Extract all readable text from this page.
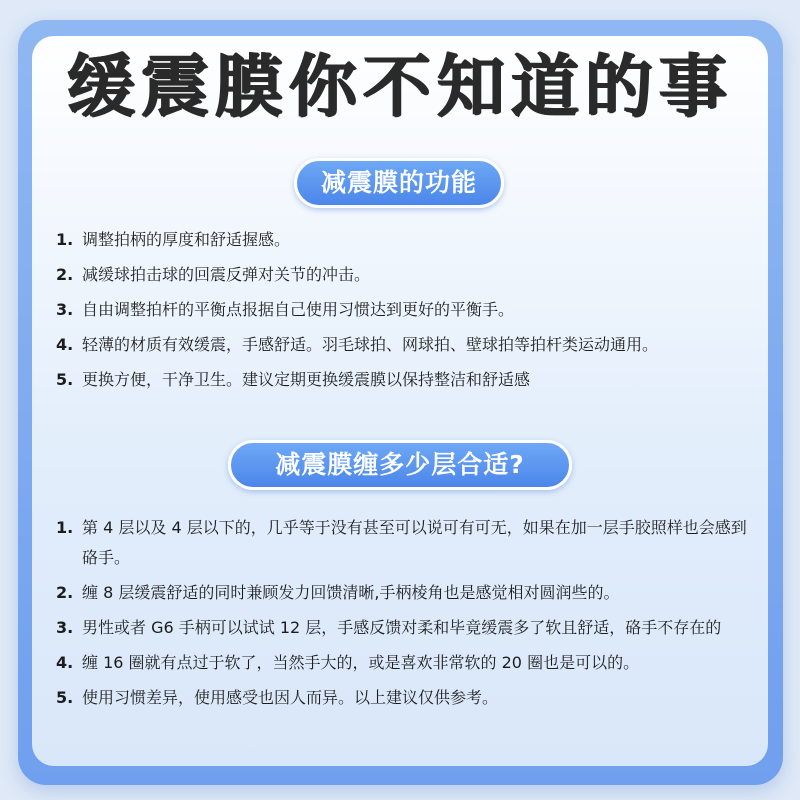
缓震膜你不知道的事
减震膜的功能
1. 调整拍柄的厚度和舒适握感。
2. 减缓球拍击球的回震反弹对关节的冲击。
3. 自由调整拍杆的平衡点报据自己使用习惯达到更好的平衡手。
4. 轻薄的材质有效缓震，手感舒适。羽毛球拍、网球拍、壁球拍等拍杆类运动通用。
5. 更换方便，干净卫生。建议定期更换缓震膜以保持整洁和舒适感
减震膜缠多少层合适?
1. 第 4 层以及 4 层以下的，几乎等于没有甚至可以说可有可无，如果在加一层手胶照样也会感到硌手。
2. 缠 8 层缓震舒适的同时兼顾发力回馈清晰,手柄棱角也是感觉相对圆润些的。
3. 男性或者 G6 手柄可以试试 12 层，手感反馈对柔和毕竟缓震多了软且舒适，硌手不存在的
4. 缠 16 圈就有点过于软了，当然手大的，或是喜欢非常软的 20 圈也是可以的。
5. 使用习惯差异，使用感受也因人而异。以上建议仅供参考。
